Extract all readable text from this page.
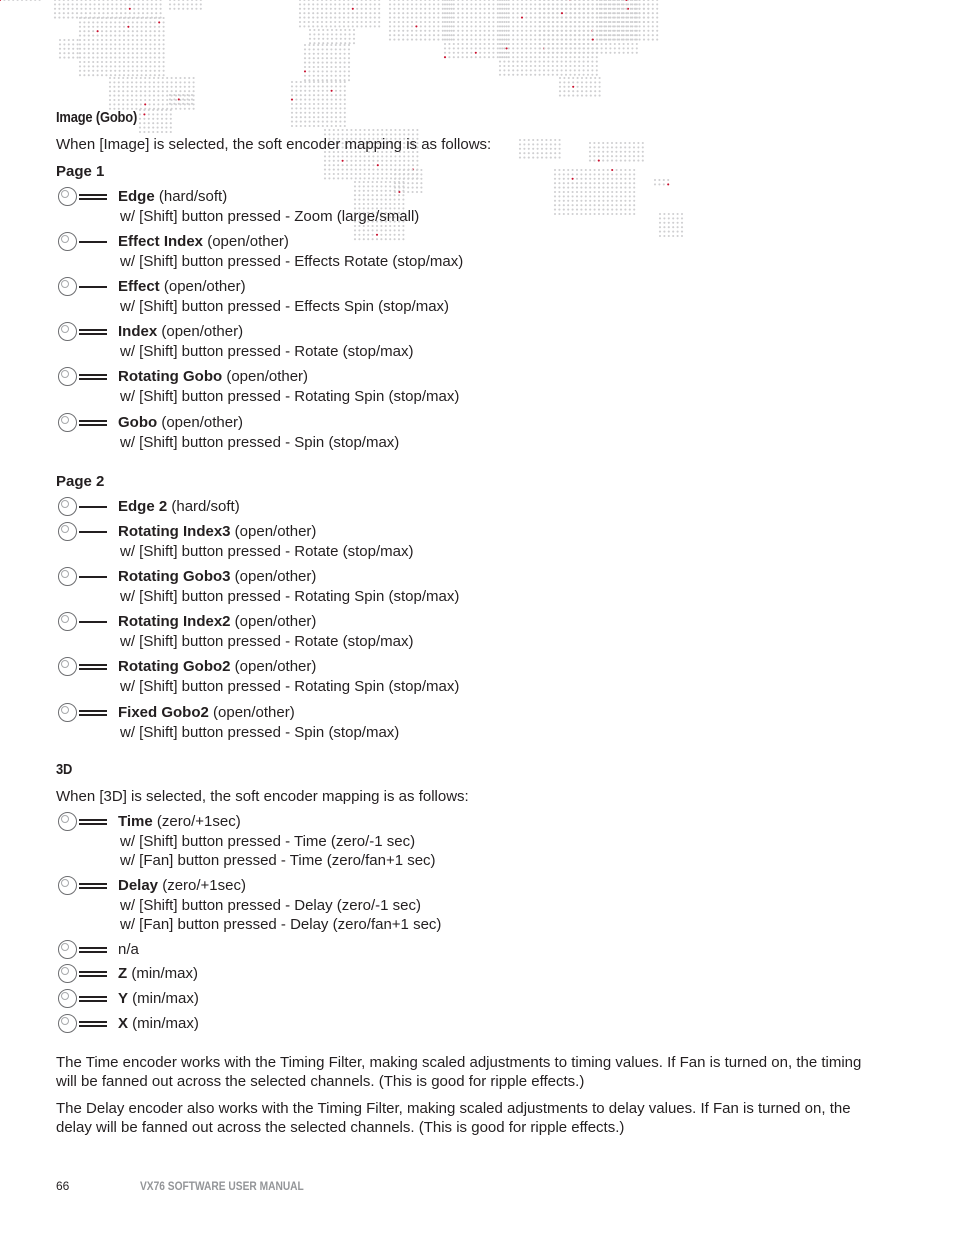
Image (Gobo)
When [Image] is selected, the soft encoder mapping is as follows:
Page 1
Edge (hard/soft)
w/ [Shift] button pressed - Zoom (large/small)
Effect Index (open/other)
w/ [Shift] button pressed - Effects Rotate (stop/max)
Effect (open/other)
w/ [Shift] button pressed - Effects Spin (stop/max)
Index (open/other)
w/ [Shift] button pressed - Rotate (stop/max)
Rotating Gobo (open/other)
w/ [Shift] button pressed - Rotating Spin (stop/max)
Gobo (open/other)
w/ [Shift] button pressed - Spin (stop/max)
Edge 2 (hard/soft)
Rotating Index3 (open/other)
w/ [Shift] button pressed - Rotate (stop/max)
Rotating Gobo3 (open/other)
w/ [Shift] button pressed - Rotating Spin (stop/max)
Rotating Index2 (open/other)
w/ [Shift] button pressed - Rotate (stop/max)
Rotating Gobo2 (open/other)
w/ [Shift] button pressed - Rotating Spin (stop/max)
Fixed Gobo2 (open/other)
w/ [Shift] button pressed - Spin (stop/max)
Time (zero/+1sec)
w/ [Shift] button pressed - Time (zero/-1 sec)
w/ [Fan] button pressed - Time (zero/fan+1 sec)
Delay (zero/+1sec)
w/ [Shift] button pressed - Delay (zero/-1 sec)
w/ [Fan] button pressed - Delay (zero/fan+1 sec)
n/a
Z (min/max)
Y (min/max)
X (min/max)
Page 2
3D
When [3D] is selected, the soft encoder mapping is as follows:
The Time encoder works with the Timing Filter, making scaled adjustments to timing values. If Fan is turned on, the timing will be fanned out across the selected channels. (This is good for ripple effects.)
The Delay encoder also works with the Timing Filter, making scaled adjustments to delay values. If Fan is turned on, the delay will be fanned out across the selected channels. (This is good for ripple effects.)
66	VX76 SOFTWARE USER MANUAL
